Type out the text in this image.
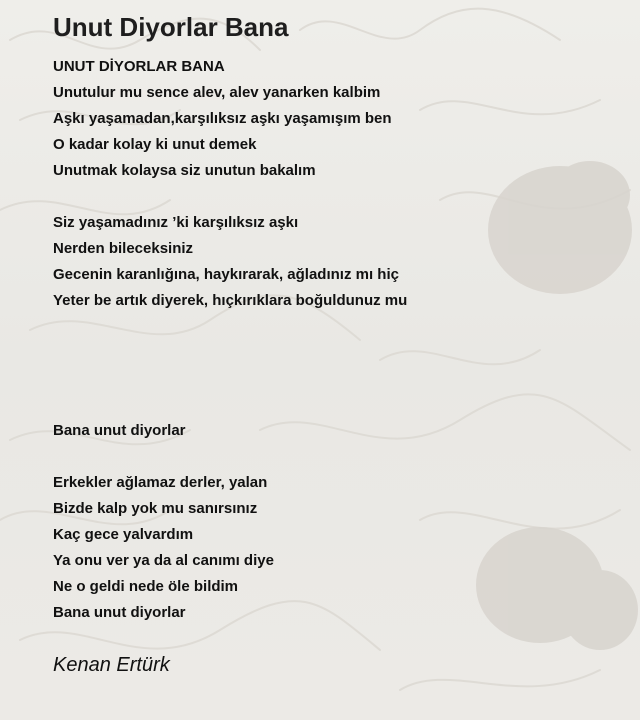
Unut Diyorlar Bana
UNUT DİYORLAR BANA
Unutulur mu sence alev, alev yanarken kalbim
Aşkı yaşamadan,karşılıksız aşkı yaşamışım ben
O kadar kolay ki unut demek
Unutmak kolaysa siz unutun bakalım
Siz yaşamadınız ’ki karşılıksız aşkı
Nerden bileceksiniz
Gecenin karanlığına, haykırarak, ağladınız mı hiç
Yeter be artık diyerek, hıçkırıklara boğuldunuz mu
Bana unut diyorlar
Erkekler ağlamaz derler, yalan
Bizde kalp yok mu sanırsınız
Kaç gece yalvardım
Ya onu ver ya da al canımı diye
Ne o geldi nede öle bildim
Bana unut diyorlar
Kenan Ertürk
